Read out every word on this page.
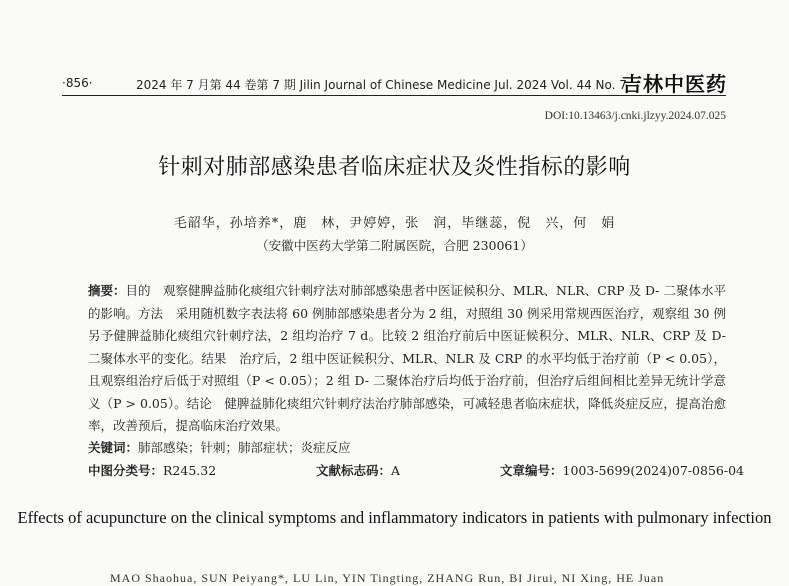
·856·	2024 年 7 月第 44 卷第 7 期 Jilin Journal of Chinese Medicine Jul. 2024 Vol. 44 No. 7
吉林中医药
DOI:10.13463/j.cnki.jlzyy.2024.07.025
针刺对肺部感染患者临床症状及炎性指标的影响
毛韶华，孙培养*，鹿　林，尹婷婷，张　润，毕继蕊，倪　兴，何　娟
（安徽中医药大学第二附属医院，合肥 230061）
摘要：目的　观察健脾益肺化痰组穴针刺疗法对肺部感染患者中医证候积分、MLR、NLR、CRP 及 D- 二聚体水平的影响。方法　采用随机数字表法将 60 例肺部感染患者分为 2 组，对照组 30 例采用常规西医治疗，观察组 30 例另予健脾益肺化痰组穴针刺疗法，2 组均治疗 7 d。比较 2 组治疗前后中医证候积分、MLR、NLR、CRP 及 D- 二聚体水平的变化。结果　治疗后，2 组中医证候积分、MLR、NLR 及 CRP 的水平均低于治疗前（P < 0.05），且观察组治疗后低于对照组（P < 0.05）；2 组 D- 二聚体治疗后均低于治疗前，但治疗后组间相比差异无统计学意义（P > 0.05）。结论　健脾益肺化痰组穴针刺疗法治疗肺部感染，可减轻患者临床症状，降低炎症反应，提高治愈率，改善预后，提高临床治疗效果。
关键词：肺部感染；针刺；肺部症状；炎症反应
中图分类号：R245.32	文献标志码：A	文章编号：1003-5699(2024)07-0856-04
Effects of acupuncture on the clinical symptoms and inflammatory indicators in patients with pulmonary infection
MAO Shaohua, SUN Peiyang*, LU Lin, YIN Tingting, ZHANG Run, BI Jirui, NI Xing, HE Juan
